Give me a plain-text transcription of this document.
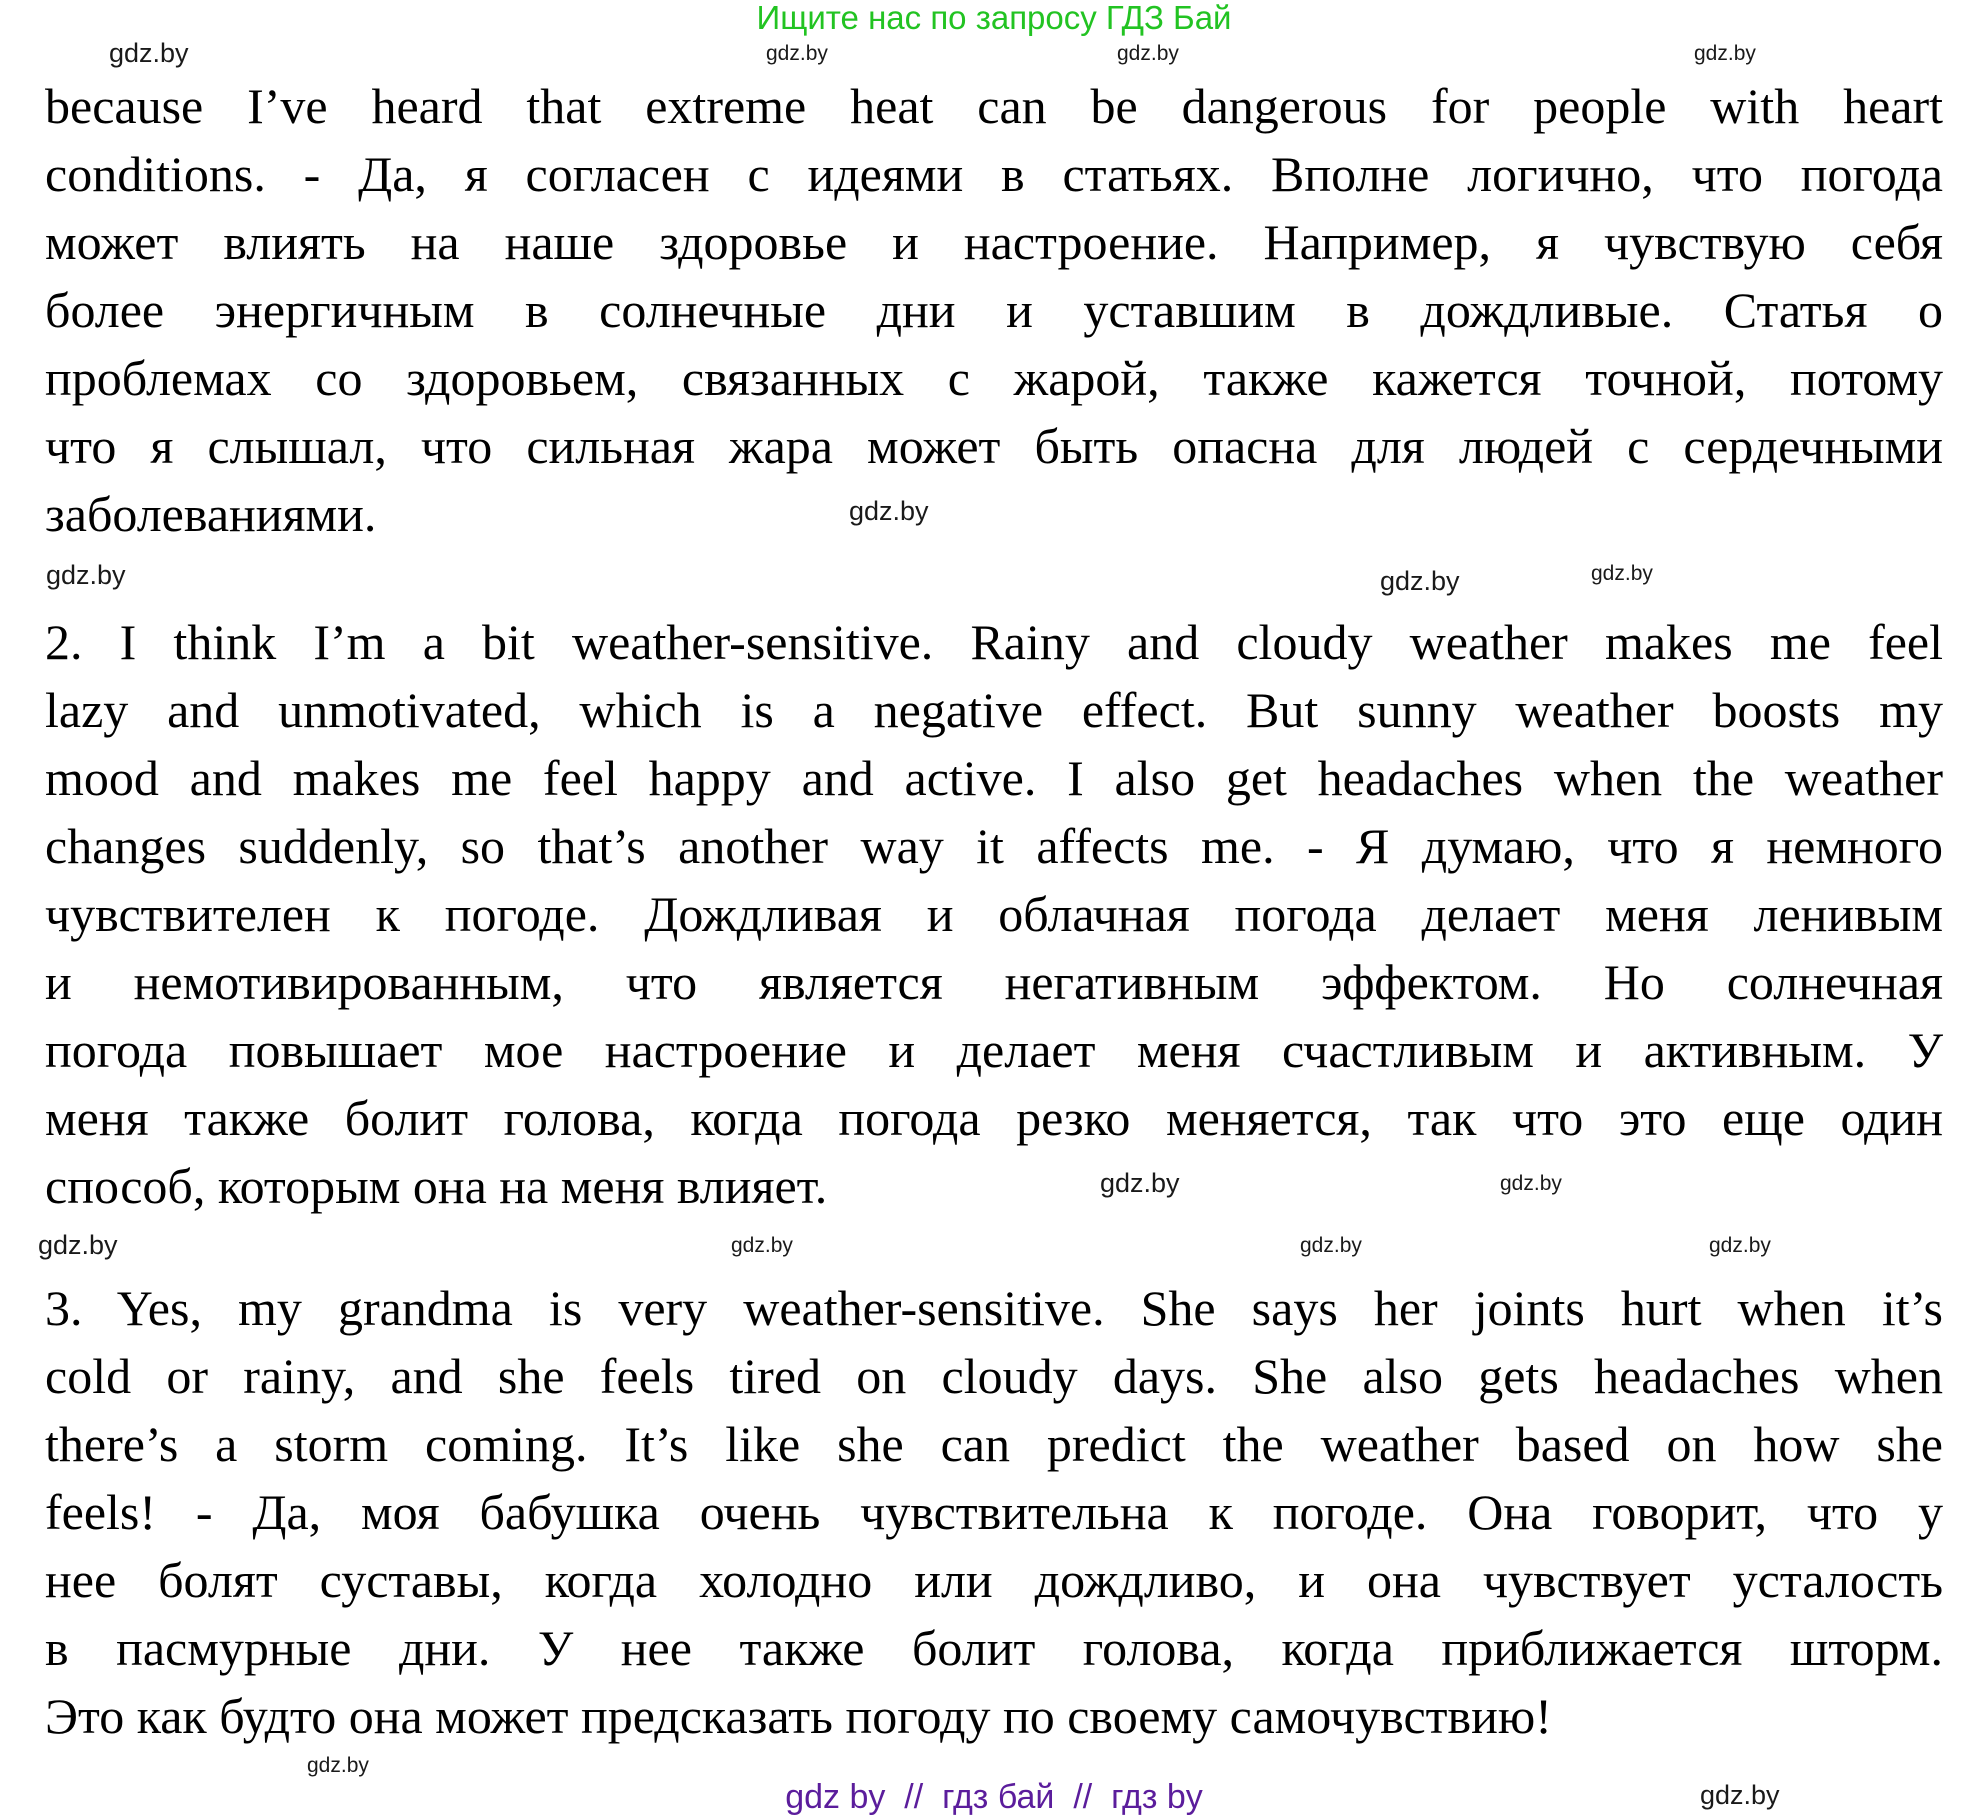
Ищите нас по запросу ГДЗ Бай
because I’ve heard that extreme heat can be dangerous for people with heart
conditions. - Да, я согласен с идеями в статьях. Вполне логично, что погода
может влиять на наше здоровье и настроение. Например, я чувствую себя
более энергичным в солнечные дни и уставшим в дождливые. Статья о
проблемах со здоровьем, связанных с жарой, также кажется точной, потому
что я слышал, что сильная жара может быть опасна для людей с сердечными
заболеваниями.
2. I think I’m a bit weather-sensitive. Rainy and cloudy weather makes me feel
lazy and unmotivated, which is a negative effect. But sunny weather boosts my
mood and makes me feel happy and active. I also get headaches when the weather
changes suddenly, so that’s another way it affects me. - Я думаю, что я немного
чувствителен к погоде. Дождливая и облачная погода делает меня ленивым
и немотивированным, что является негативным эффектом. Но солнечная
погода повышает мое настроение и делает меня счастливым и активным. У
меня также болит голова, когда погода резко меняется, так что это еще один
способ, которым она на меня влияет.
3. Yes, my grandma is very weather-sensitive. She says her joints hurt when it’s
cold or rainy, and she feels tired on cloudy days. She also gets headaches when
there’s a storm coming. It’s like she can predict the weather based on how she
feels! - Да, моя бабушка очень чувствительна к погоде. Она говорит, что у
нее болят суставы, когда холодно или дождливо, и она чувствует усталость
в пасмурные дни. У нее также болит голова, когда приближается шторм.
Это как будто она может предсказать погоду по своему самочувствию!
gdz.by	gdz.by
gdz.by
gdz.by
gdz.by
gdz.by	gdz.by	gdz.by
gdz.by
gdz.by
gdz.by
gdz.by
gdz.by
gdz.by
gdz.by
gdz.by
gdz by  //  гдз бай  //  гдз by
